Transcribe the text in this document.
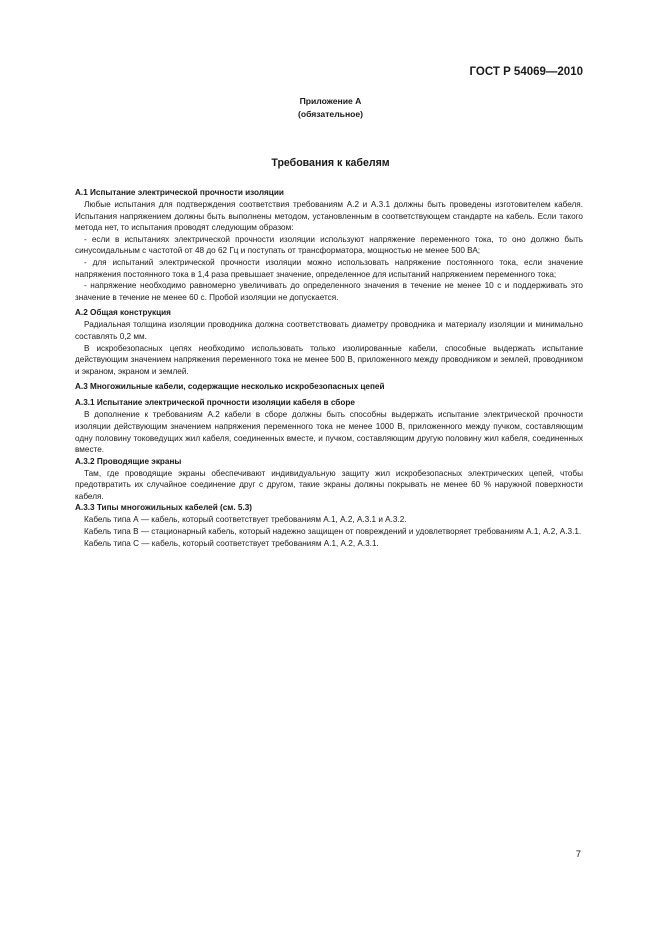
ГОСТ Р 54069—2010
Приложение А
(обязательное)
Требования к кабелям
А.1 Испытание электрической прочности изоляции

Любые испытания для подтверждения соответствия требованиям А.2 и А.3.1 должны быть проведены изготовителем кабеля. Испытания напряжением должны быть выполнены методом, установленным в соответствующем стандарте на кабель. Если такого метода нет, то испытания проводят следующим образом:

- если в испытаниях электрической прочности изоляции используют напряжение переменного тока, то оно должно быть синусоидальным с частотой от 48 до 62 Гц и поступать от трансформатора, мощностью не менее 500 ВА;

- для испытаний электрической прочности изоляции можно использовать напряжение постоянного тока, если значение напряжения постоянного тока в 1,4 раза превышает значение, определенное для испытаний напряжением переменного тока;

- напряжение необходимо равномерно увеличивать до определенного значения в течение не менее 10 с и поддерживать это значение в течение не менее 60 с. Пробой изоляции не допускается.

А.2 Общая конструкция

Радиальная толщина изоляции проводника должна соответствовать диаметру проводника и материалу изоляции и минимально составлять 0,2 мм.

В искробезопасных цепях необходимо использовать только изолированные кабели, способные выдержать испытание действующим значением напряжения переменного тока не менее 500 В, приложенного между проводником и землей, проводником и экраном, экраном и землей.

А.3 Многожильные кабели, содержащие несколько искробезопасных цепей
А.3.1 Испытание электрической прочности изоляции кабеля в сборе

В дополнение к требованиям А.2 кабели в сборе должны быть способны выдержать испытание электрической прочности изоляции действующим значением напряжения переменного тока не менее 1000 В, приложенного между пучком, составляющим одну половину токоведущих жил кабеля, соединенных вместе, и пучком, составляющим другую половину жил кабеля, соединенных вместе.

А.3.2 Проводящие экраны

Там, где проводящие экраны обеспечивают индивидуальную защиту жил искробезопасных электрических цепей, чтобы предотвратить их случайное соединение друг с другом, такие экраны должны покрывать не менее 60 % наружной поверхности кабеля.

А.3.3 Типы многожильных кабелей (см. 5.3)

Кабель типа А — кабель, который соответствует требованиям А.1, А.2, А.3.1 и А.3.2.

Кабель типа В — стационарный кабель, который надежно защищен от повреждений и удовлетворяет требованиям А.1, А.2, А.3.1.

Кабель типа С — кабель, который соответствует требованиям А.1, А.2, А.3.1.

7
